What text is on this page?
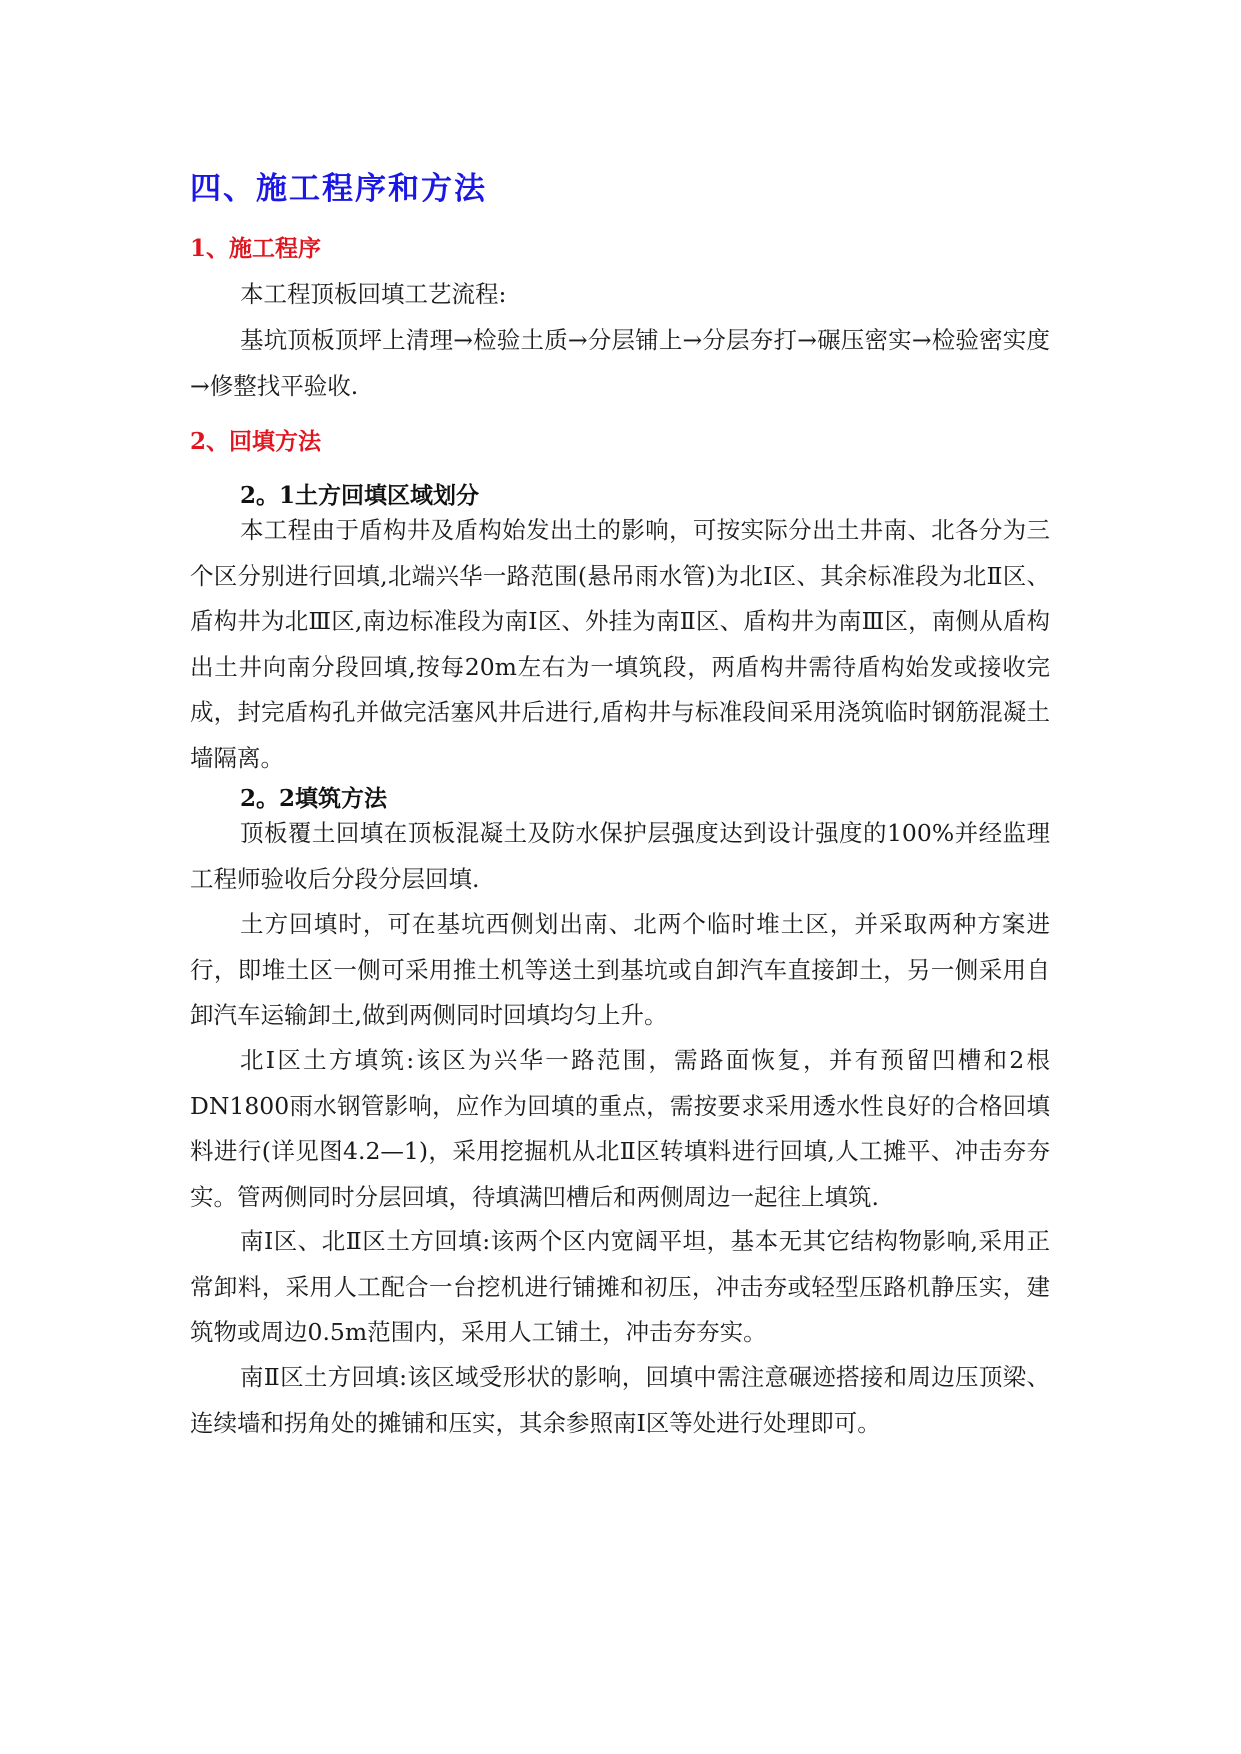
四、施工程序和方法
1、施工程序

本工程顶板回填工艺流程:

基坑顶板顶坪上清理→检验土质→分层铺上→分层夯打→碾压密实→检验密实度→修整找平验收.

2、回填方法
2。1土方回填区域划分

本工程由于盾构井及盾构始发出土的影响，可按实际分出土井南、北各分为三个区分别进行回填,北端兴华一路范围(悬吊雨水管)为北Ⅰ区、其余标准段为北Ⅱ区、盾构井为北Ⅲ区,南边标准段为南Ⅰ区、外挂为南Ⅱ区、盾构井为南Ⅲ区，南侧从盾构出土井向南分段回填,按每20m左右为一填筑段，两盾构井需待盾构始发或接收完成，封完盾构孔并做完活塞风井后进行,盾构井与标准段间采用浇筑临时钢筋混凝土墙隔离。

2。2填筑方法

顶板覆土回填在顶板混凝土及防水保护层强度达到设计强度的100%并经监理工程师验收后分段分层回填.

土方回填时，可在基坑西侧划出南、北两个临时堆土区，并采取两种方案进行，即堆土区一侧可采用推土机等送土到基坑或自卸汽车直接卸土，另一侧采用自卸汽车运输卸土,做到两侧同时回填均匀上升。

北Ⅰ区土方填筑:该区为兴华一路范围，需路面恢复，并有预留凹槽和2根DN1800雨水钢管影响，应作为回填的重点，需按要求采用透水性良好的合格回填料进行(详见图4.2—1)，采用挖掘机从北Ⅱ区转填料进行回填,人工摊平、冲击夯夯实。管两侧同时分层回填，待填满凹槽后和两侧周边一起往上填筑.

南Ⅰ区、北Ⅱ区土方回填:该两个区内宽阔平坦，基本无其它结构物影响,采用正常卸料，采用人工配合一台挖机进行铺摊和初压，冲击夯或轻型压路机静压实，建筑物或周边0.5m范围内，采用人工铺土，冲击夯夯实。

南Ⅱ区土方回填:该区域受形状的影响，回填中需注意碾迹搭接和周边压顶梁、连续墙和拐角处的摊铺和压实，其余参照南Ⅰ区等处进行处理即可。
